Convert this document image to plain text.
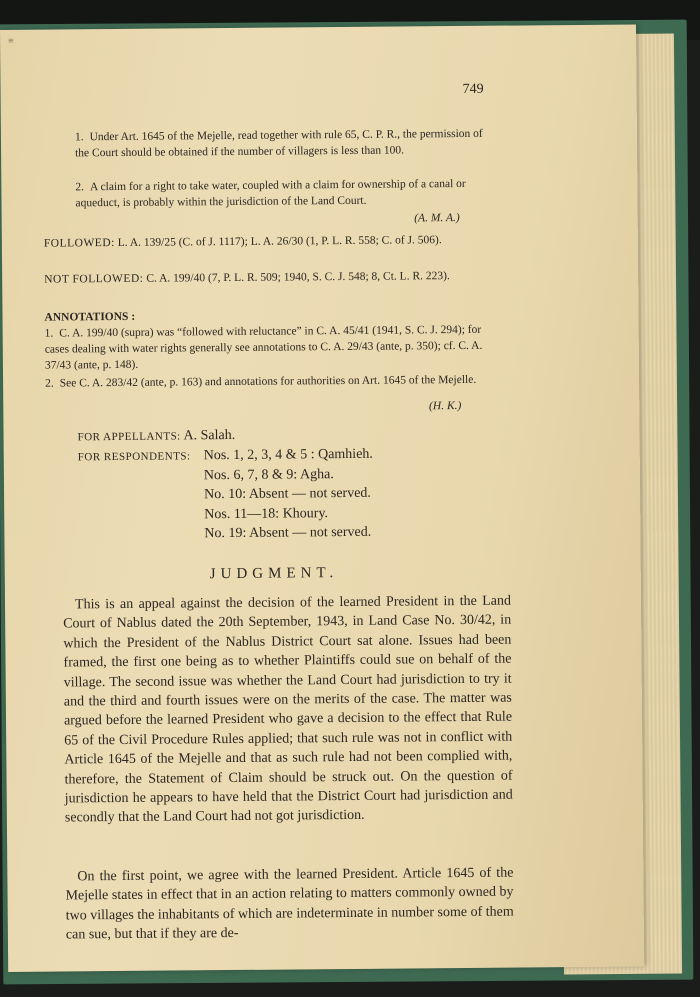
749
1. Under Art. 1645 of the Mejelle, read together with rule 65, C. P. R., the permission of the Court should be obtained if the number of villagers is less than 100.
2. A claim for a right to take water, coupled with a claim for ownership of a canal or aqueduct, is probably within the jurisdiction of the Land Court.
(A. M. A.)
FOLLOWED: L. A. 139/25 (C. of J. 1117); L. A. 26/30 (1, P. L. R. 558; C. of J. 506).
NOT FOLLOWED: C. A. 199/40 (7, P. L. R. 509; 1940, S. C. J. 548; 8, Ct. L. R. 223).
ANNOTATIONS :
1. C. A. 199/40 (supra) was “followed with reluctance” in C. A. 45/41 (1941, S. C. J. 294); for cases dealing with water rights generally see annotations to C. A. 29/43 (ante, p. 350); cf. C. A. 37/43 (ante, p. 148).
2. See C. A. 283/42 (ante, p. 163) and annotations for authorities on Art. 1645 of the Mejelle.
(H. K.)
FOR APPELLANTS: A. Salah.
FOR RESPONDENTS: Nos. 1, 2, 3, 4 & 5 : Qamhieh.
Nos. 6, 7, 8 & 9: Agha.
No. 10: Absent — not served.
Nos. 11—18: Khoury.
No. 19: Absent — not served.
JUDGMENT.
This is an appeal against the decision of the learned President in the Land Court of Nablus dated the 20th September, 1943, in Land Case No. 30/42, in which the President of the Nablus District Court sat alone. Issues had been framed, the first one being as to whether Plaintiffs could sue on behalf of the village. The second issue was whether the Land Court had jurisdiction to try it and the third and fourth issues were on the merits of the case. The matter was argued before the learned President who gave a decision to the effect that Rule 65 of the Civil Procedure Rules applied; that such rule was not in conflict with Article 1645 of the Mejelle and that as such rule had not been complied with, therefore, the Statement of Claim should be struck out. On the question of jurisdiction he appears to have held that the District Court had jurisdiction and secondly that the Land Court had not got jurisdiction.
On the first point, we agree with the learned President. Article 1645 of the Mejelle states in effect that in an action relating to matters commonly owned by two villages the inhabitants of which are indeterminate in number some of them can sue, but that if they are de-
≡
